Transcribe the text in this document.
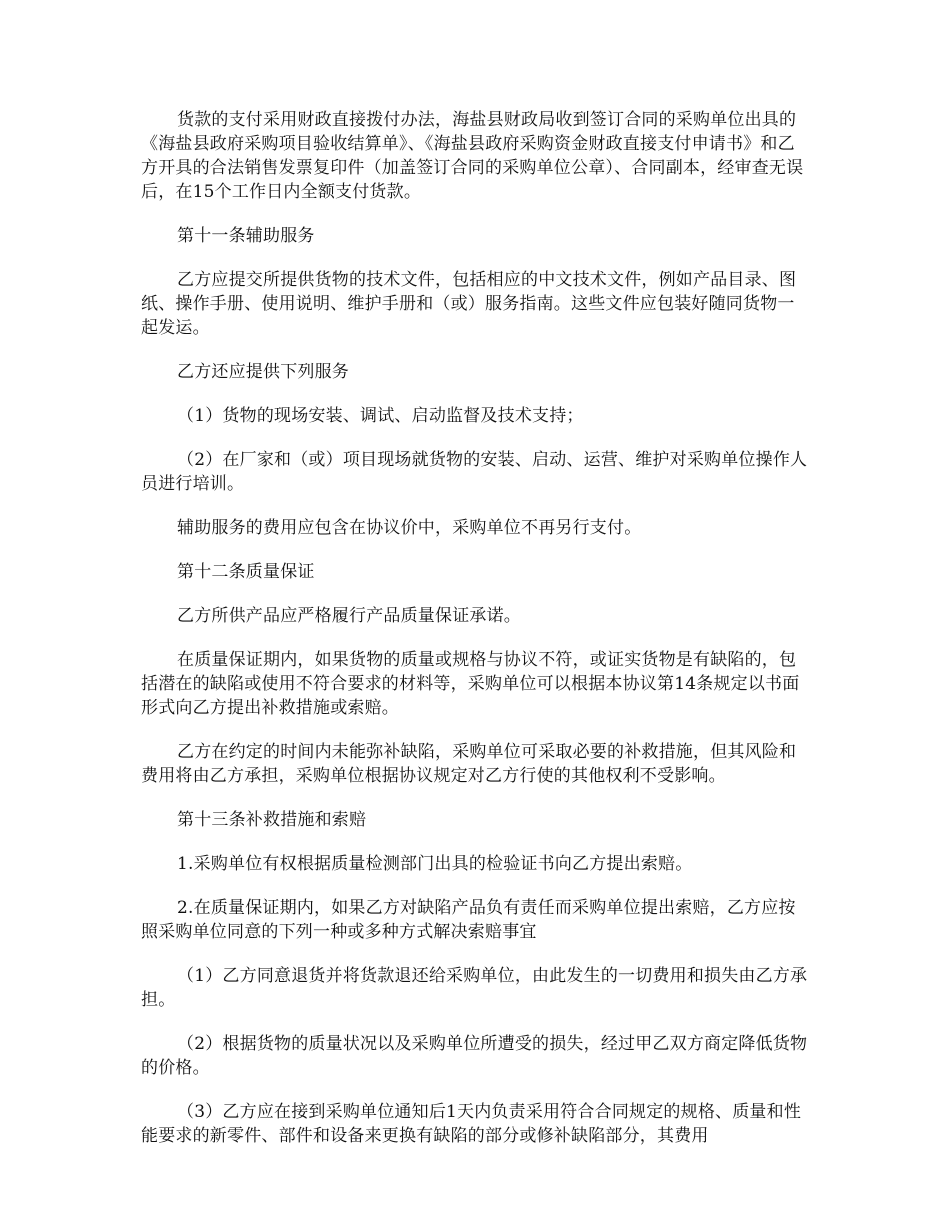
货款的支付采用财政直接拨付办法，海盐县财政局收到签订合同的采购单位出具的《海盐县政府采购项目验收结算单》、《海盐县政府采购资金财政直接支付申请书》和乙方开具的合法销售发票复印件（加盖签订合同的采购单位公章）、合同副本，经审查无误后，在15个工作日内全额支付货款。

第十一条辅助服务

乙方应提交所提供货物的技术文件，包括相应的中文技术文件，例如产品目录、图纸、操作手册、使用说明、维护手册和（或）服务指南。这些文件应包装好随同货物一起发运。

乙方还应提供下列服务

（1）货物的现场安装、调试、启动监督及技术支持；

（2）在厂家和（或）项目现场就货物的安装、启动、运营、维护对采购单位操作人员进行培训。

辅助服务的费用应包含在协议价中，采购单位不再另行支付。

第十二条质量保证

乙方所供产品应严格履行产品质量保证承诺。

在质量保证期内，如果货物的质量或规格与协议不符，或证实货物是有缺陷的，包括潜在的缺陷或使用不符合要求的材料等，采购单位可以根据本协议第14条规定以书面形式向乙方提出补救措施或索赔。

乙方在约定的时间内未能弥补缺陷，采购单位可采取必要的补救措施，但其风险和费用将由乙方承担，采购单位根据协议规定对乙方行使的其他权利不受影响。

第十三条补救措施和索赔

1.采购单位有权根据质量检测部门出具的检验证书向乙方提出索赔。

2.在质量保证期内，如果乙方对缺陷产品负有责任而采购单位提出索赔，乙方应按照采购单位同意的下列一种或多种方式解决索赔事宜

（1）乙方同意退货并将货款退还给采购单位，由此发生的一切费用和损失由乙方承担。

（2）根据货物的质量状况以及采购单位所遭受的损失，经过甲乙双方商定降低货物的价格。

（3）乙方应在接到采购单位通知后1天内负责采用符合合同规定的规格、质量和性能要求的新零件、部件和设备来更换有缺陷的部分或修补缺陷部分，其费用
